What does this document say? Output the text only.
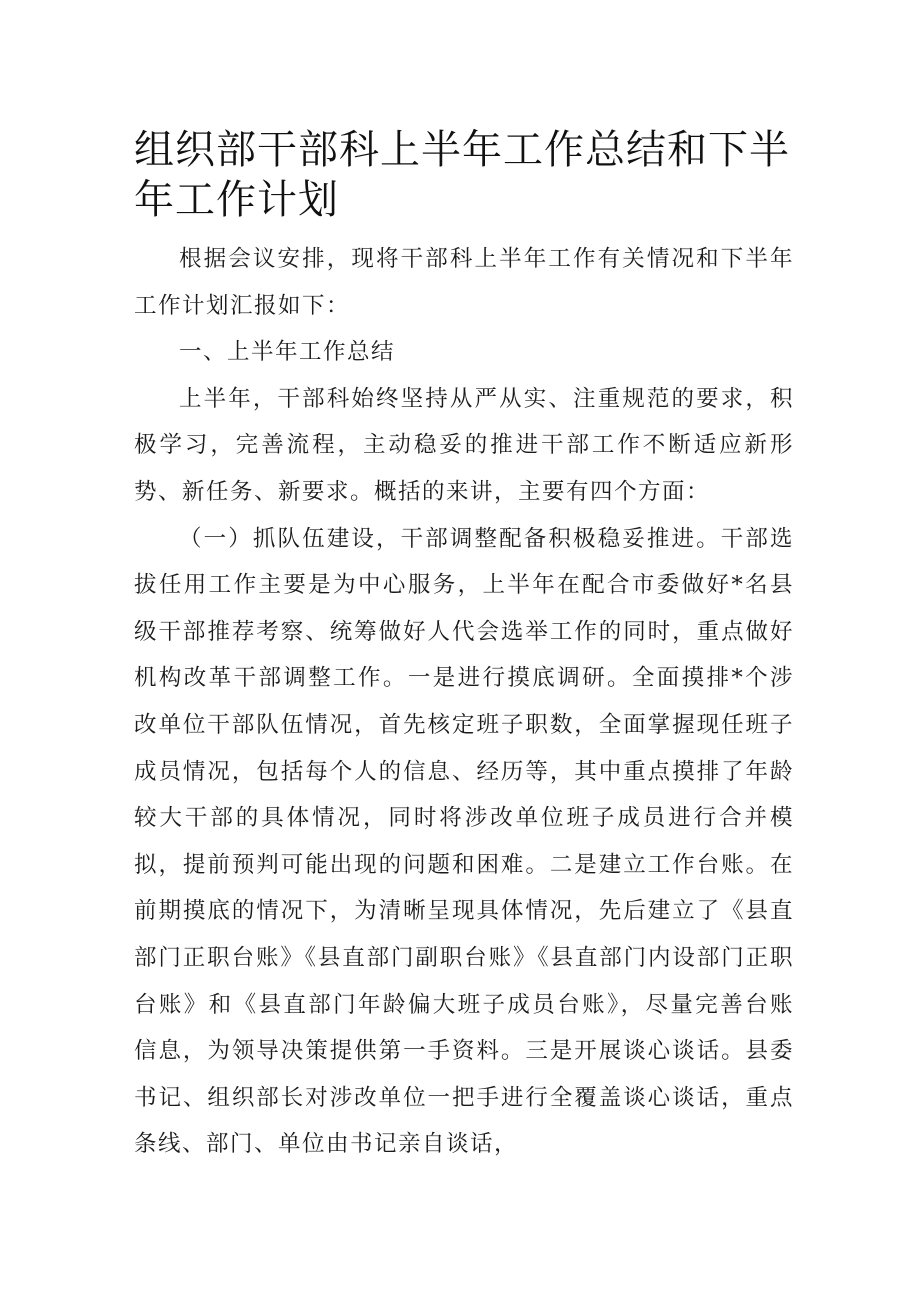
组织部干部科上半年工作总结和下半年工作计划

根据会议安排，现将干部科上半年工作有关情况和下半年工作计划汇报如下：

一、上半年工作总结

上半年，干部科始终坚持从严从实、注重规范的要求，积极学习，完善流程，主动稳妥的推进干部工作不断适应新形势、新任务、新要求。概括的来讲，主要有四个方面：

（一）抓队伍建设，干部调整配备积极稳妥推进。干部选拔任用工作主要是为中心服务，上半年在配合市委做好*名县级干部推荐考察、统筹做好人代会选举工作的同时，重点做好机构改革干部调整工作。一是进行摸底调研。全面摸排*个涉改单位干部队伍情况，首先核定班子职数，全面掌握现任班子成员情况，包括每个人的信息、经历等，其中重点摸排了年龄较大干部的具体情况，同时将涉改单位班子成员进行合并模拟，提前预判可能出现的问题和困难。二是建立工作台账。在前期摸底的情况下，为清晰呈现具体情况，先后建立了《县直部门正职台账》《县直部门副职台账》《县直部门内设部门正职台账》和《县直部门年龄偏大班子成员台账》，尽量完善台账信息，为领导决策提供第一手资料。三是开展谈心谈话。县委书记、组织部长对涉改单位一把手进行全覆盖谈心谈话，重点条线、部门、单位由书记亲自谈话，
